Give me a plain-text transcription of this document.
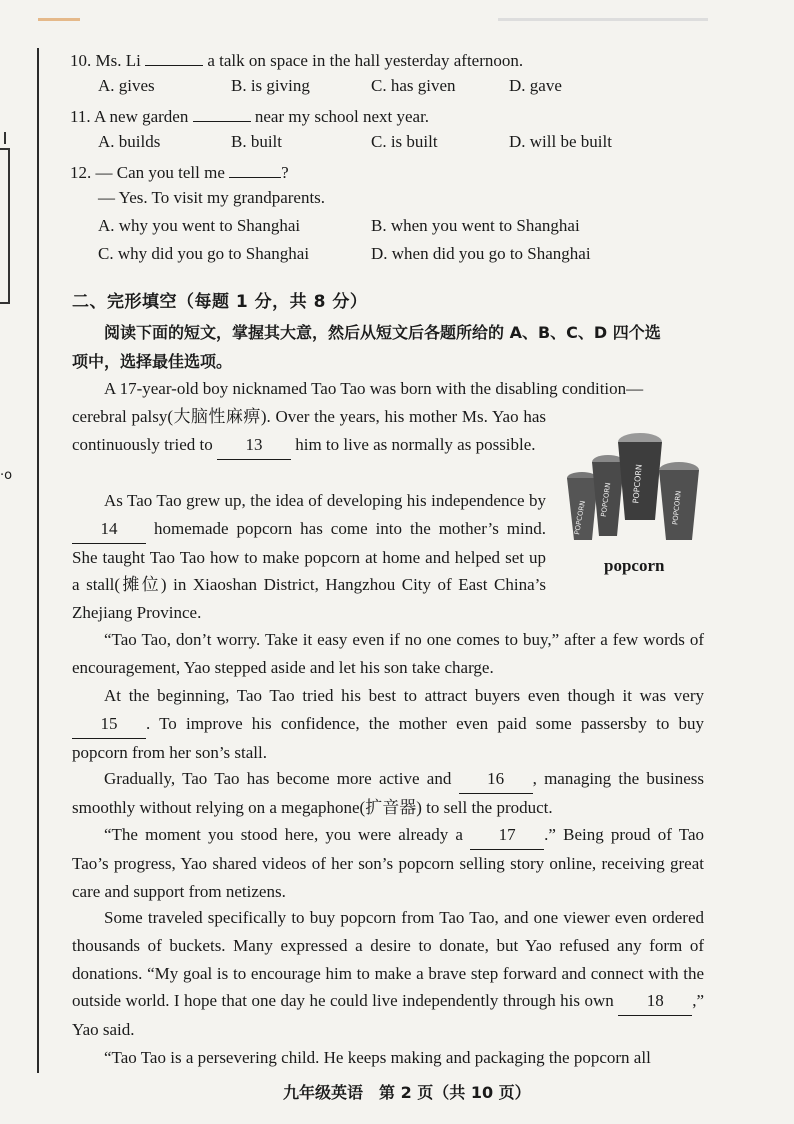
·o
10. Ms. Li	a talk on space in the hall yesterday afternoon.
A. gives	B. is giving	C. has given	D. gave
11. A new garden	near my school next year.
A. builds	B. built	C. is built	D. will be built
12. — Can you tell me	?
— Yes. To visit my grandparents.
A. why you went to Shanghai	B. when you went to Shanghai
C. why did you go to Shanghai	D. when did you go to Shanghai
二、完形填空（每题 1 分，共 8 分）
阅读下面的短文，掌握其大意，然后从短文后各题所给的 A、B、C、D 四个选
项中，选择最佳选项。
A 17-year-old boy nicknamed Tao Tao was born with the disabling condition—
cerebral palsy(大脑性麻痹). Over the years, his mother Ms. Yao has continuously tried to 13 him to live as normally as possible.
As Tao Tao grew up, the idea of developing his independence by 14 homemade popcorn has come into the mother’s mind. She taught Tao Tao how to make popcorn at home and helped set up a stall(摊位) in Xiaoshan District, Hangzhou City of East China’s Zhejiang Province.
POPCORN
POPCORN POPCORN
POPCORN
popcorn
“Tao Tao, don’t worry. Take it easy even if no one comes to buy,” after a few words of encouragement, Yao stepped aside and let his son take charge.
At the beginning, Tao Tao tried his best to attract buyers even though it was very 15 . To improve his confidence, the mother even paid some passersby to buy popcorn from her son’s stall.
Gradually, Tao Tao has become more active and 16 , managing the business smoothly without relying on a megaphone(扩音器) to sell the product.
“The moment you stood here, you were already a 17 .” Being proud of Tao Tao’s progress, Yao shared videos of her son’s popcorn selling story online, receiving great care and support from netizens.
Some traveled specifically to buy popcorn from Tao Tao, and one viewer even ordered thousands of buckets. Many expressed a desire to donate, but Yao refused any form of donations. “My goal is to encourage him to make a brave step forward and connect with the outside world. I hope that one day he could live independently through his own 18 ,” Yao said.
“Tao Tao is a persevering child. He keeps making and packaging the popcorn all
九年级英语　第 2 页（共 10 页）
